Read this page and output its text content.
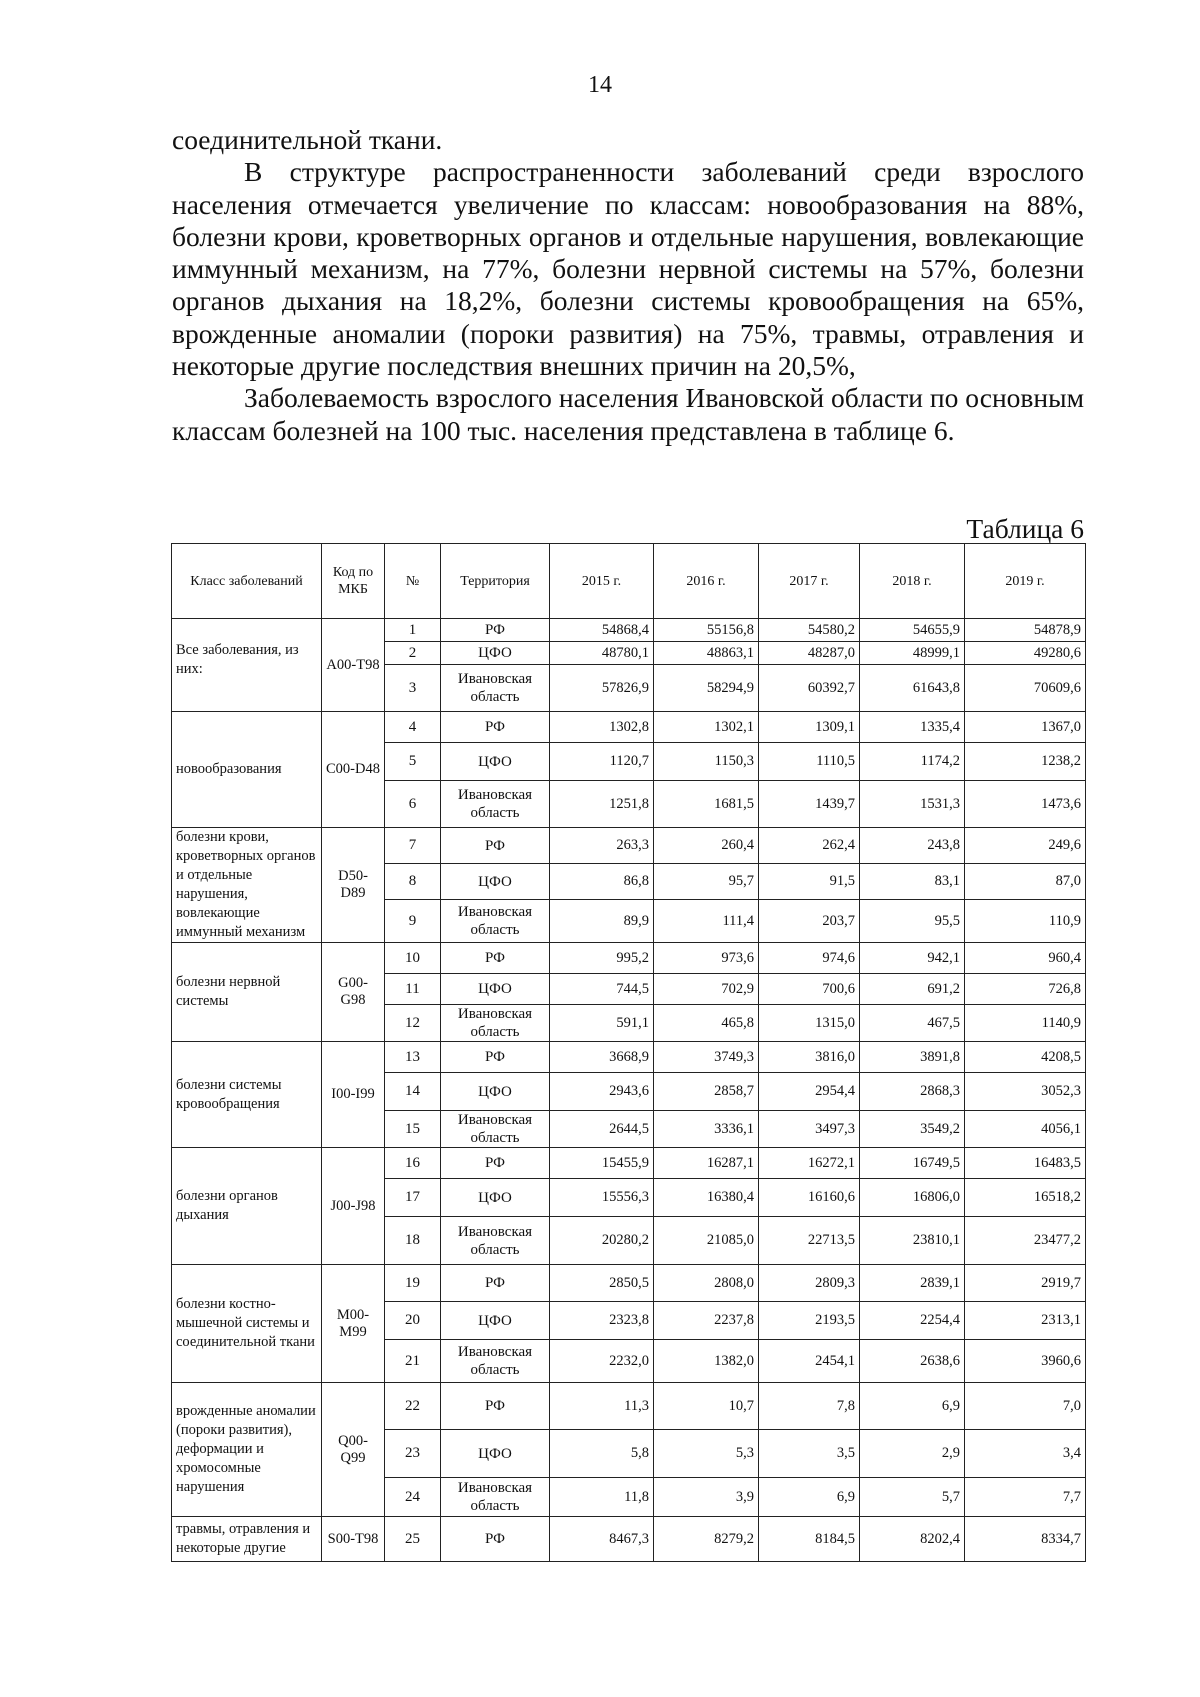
14

соединительной ткани.

В структуре распространенности заболеваний среди взрослого населения отмечается увеличение по классам: новообразования на 88%, болезни крови, кроветворных органов и отдельные нарушения, вовлекающие иммунный механизм, на 77%, болезни нервной системы на 57%, болезни органов дыхания на 18,2%, болезни системы кровообращения на 65%, врожденные аномалии (пороки развития) на 75%, травмы, отравления и некоторые другие последствия внешних причин на 20,5%,

Заболеваемость взрослого населения Ивановской области по основным классам болезней на 100 тыс. населения представлена в таблице 6.

Таблица 6
Класс заболеваний	Код по МКБ	№	Территория	2015 г.	2016 г.	2017 г.	2018 г.	2019 г.
Все заболевания, из них:	A00-T98	1	РФ	54868,4	55156,8	54580,2	54655,9	54878,9
		2	ЦФО	48780,1	48863,1	48287,0	48999,1	49280,6
		3	Ивановская область	57826,9	58294,9	60392,7	61643,8	70609,6
новообразования	C00-D48	4	РФ	1302,8	1302,1	1309,1	1335,4	1367,0
		5	ЦФО	1120,7	1150,3	1110,5	1174,2	1238,2
		6	Ивановская область	1251,8	1681,5	1439,7	1531,3	1473,6
болезни крови, кроветворных органов и отдельные нарушения, вовлекающие иммунный механизм	D50-D89	7	РФ	263,3	260,4	262,4	243,8	249,6
		8	ЦФО	86,8	95,7	91,5	83,1	87,0
		9	Ивановская область	89,9	111,4	203,7	95,5	110,9
болезни нервной системы	G00-G98	10	РФ	995,2	973,6	974,6	942,1	960,4
		11	ЦФО	744,5	702,9	700,6	691,2	726,8
		12	Ивановская область	591,1	465,8	1315,0	467,5	1140,9
болезни системы кровообращения	I00-I99	13	РФ	3668,9	3749,3	3816,0	3891,8	4208,5
		14	ЦФО	2943,6	2858,7	2954,4	2868,3	3052,3
		15	Ивановская область	2644,5	3336,1	3497,3	3549,2	4056,1
болезни органов дыхания	J00-J98	16	РФ	15455,9	16287,1	16272,1	16749,5	16483,5
		17	ЦФО	15556,3	16380,4	16160,6	16806,0	16518,2
		18	Ивановская область	20280,2	21085,0	22713,5	23810,1	23477,2
болезни костно-мышечной системы и соединительной ткани	M00-M99	19	РФ	2850,5	2808,0	2809,3	2839,1	2919,7
		20	ЦФО	2323,8	2237,8	2193,5	2254,4	2313,1
		21	Ивановская область	2232,0	1382,0	2454,1	2638,6	3960,6
врожденные аномалии (пороки развития), деформации и хромосомные нарушения	Q00-Q99	22	РФ	11,3	10,7	7,8	6,9	7,0
		23	ЦФО	5,8	5,3	3,5	2,9	3,4
		24	Ивановская область	11,8	3,9	6,9	5,7	7,7
травмы, отравления и некоторые другие	S00-T98	25	РФ	8467,3	8279,2	8184,5	8202,4	8334,7
